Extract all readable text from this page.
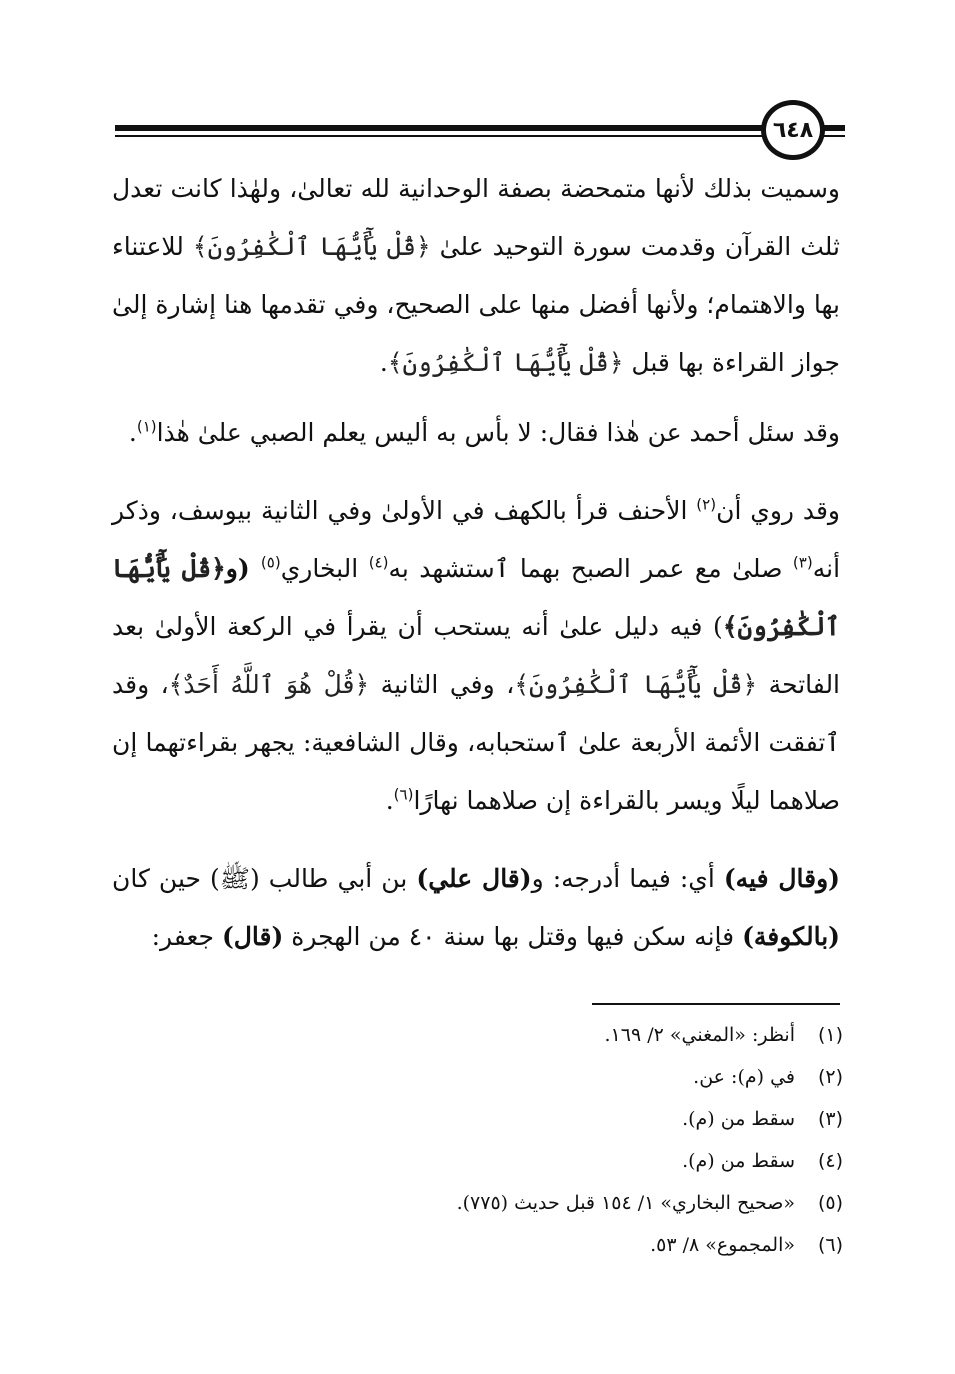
٦٤٨

وسميت بذلك لأنها متمحضة بصفة الوحدانية لله تعالىٰ، ولهٰذا كانت تعدل ثلث القرآن وقدمت سورة التوحيد علىٰ ﴿قُلْ يَٰٓأَيُّهَا ٱلْكَٰفِرُونَ﴾ للاعتناء بها والاهتمام؛ ولأنها أفضل منها على الصحيح، وفي تقدمها هنا إشارة إلىٰ جواز القراءة بها قبل ﴿قُلْ يَٰٓأَيُّهَا ٱلْكَٰفِرُونَ﴾.

وقد سئل أحمد عن هٰذا فقال: لا بأس به أليس يعلم الصبي علىٰ هٰذا$^{(١)}$.

وقد روي أن$^{(٢)}$ الأحنف قرأ بالكهف في الأولىٰ وفي الثانية بيوسف، وذكر أنه$^{(٣)}$ صلىٰ مع عمر الصبح بهما ٱستشهد به$^{(٤)}$ البخاري$^{(٥)}$ (و﴿قُلْ يَٰٓأَيُّهَا ٱلْكَٰفِرُونَ﴾) فيه دليل علىٰ أنه يستحب أن يقرأ في الركعة الأولىٰ بعد الفاتحة ﴿قُلْ يَٰٓأَيُّهَا ٱلْكَٰفِرُونَ﴾، وفي الثانية ﴿قُلْ هُوَ ٱللَّهُ أَحَدٌ﴾، وقد ٱتفقت الأئمة الأربعة علىٰ ٱستحبابه، وقال الشافعية: يجهر بقراءتهما إن صلاهما ليلًا ويسر بالقراءة إن صلاهما نهارًا$^{(٦)}$.

(وقال فيه) أي: فيما أدرجه: و(قال علي) بن أبي طالب (ﷺ) حين كان (بالكوفة) فإنه سكن فيها وقتل بها سنة ٤٠ من الهجرة (قال) جعفر:

(١)
أنظر: «المغني» ٢/ ١٦٩.
(٢)
في (م): عن.
(٣)
سقط من (م).
(٤)
سقط من (م).
(٥)
«صحيح البخاري» ١/ ١٥٤ قبل حديث (٧٧٥).
(٦)
«المجموع» ٨/ ٥٣.
